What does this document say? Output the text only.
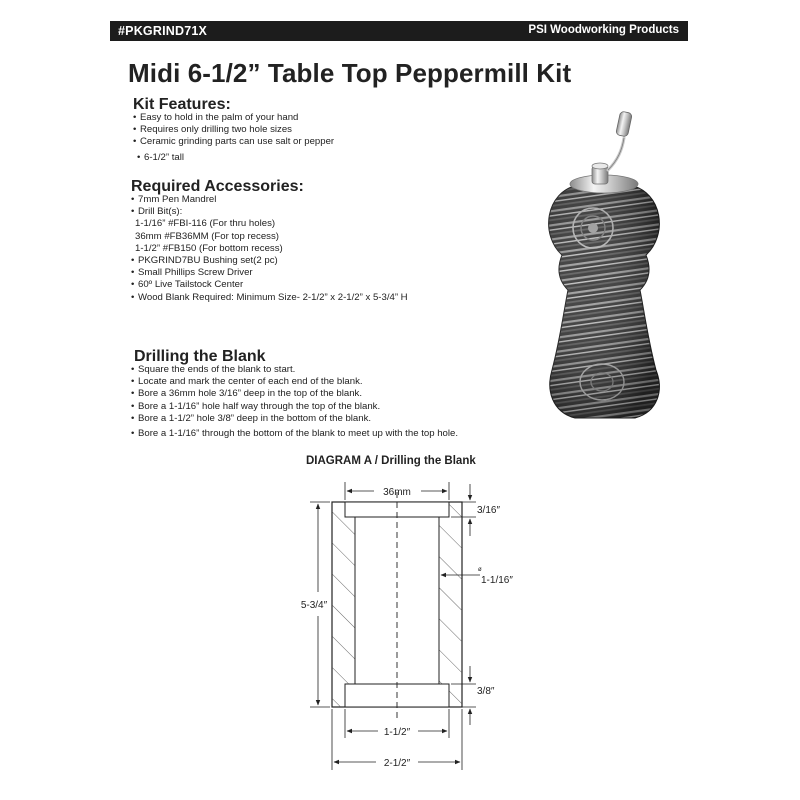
#PKGRIND71X	PSI Woodworking Products
Midi 6-1/2” Table Top Peppermill Kit
Kit Features:
• Easy to hold in the palm of your hand
• Requires only drilling two hole sizes
• Ceramic grinding parts can use salt or pepper
• 6-1/2” tall
Required Accessories:
• 7mm Pen Mandrel
• Drill Bit(s):
1-1/16” #FBI-116 (For thru holes)
36mm #FB36MM (For top recess)
1-1/2” #FB150 (For bottom recess)
• PKGRIND7BU Bushing set(2 pc)
• Small Phillips Screw Driver
• 60º Live Tailstock Center
• Wood Blank Required: Minimum Size- 2-1/2” x 2-1/2” x 5-3/4” H
Drilling the Blank
• Square the ends of the blank to start.
• Locate and mark the center of each end of the blank.
• Bore a 36mm hole 3/16” deep in the top of the blank.
• Bore a 1-1/16” hole half way through the top of the blank.
• Bore a 1-1/2” hole 3/8” deep in the bottom of the blank.
• Bore a 1-1/16” through the bottom of the blank to meet up with the top hole.
DIAGRAM A / Drilling the Blank
36mm
3/16″
ø
1-1/16″
5-3/4″
3/8″
1-1/2″
2-1/2″
